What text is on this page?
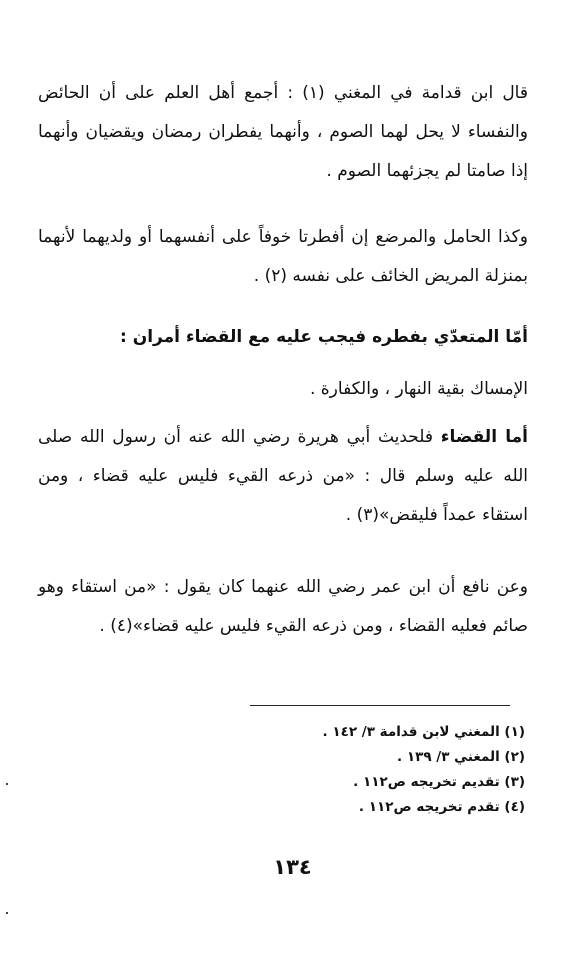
قال ابن قدامة في المغني (١) : أجمع أهل العلم على أن الحائض والنفساء لا يحل لهما الصوم ، وأنهما يفطران رمضان ويقضيان وأنهما إذا صامتا لم يجزئهما الصوم .
وكذا الحامل والمرضع إن أفطرتا خوفاً على أنفسهما أو ولديهما لأنهما بمنزلة المريض الخائف على نفسه (٢) .
أمّا المتعدّي بفطره فيجب عليه مع القضاء أمران :
الإمساك بقية النهار ، والكفارة .
أما القضاء فلحديث أبي هريرة رضي الله عنه أن رسول الله صلى الله عليه وسلم قال : «من ذرعه القيء فليس عليه قضاء ، ومن استقاء عمداً فليقض»(٣) .
وعن نافع أن ابن عمر رضي الله عنهما كان يقول : «من استقاء وهو صائم فعليه القضاء ، ومن ذرعه القيء فليس عليه قضاء»(٤) .
(١) المغني لابن قدامة ٣/ ١٤٢ .
(٢) المغني ٣/ ١٣٩ .
(٣) تقديم تخريجه ص١١٢ .
(٤) تقدم تخريجه ص١١٢ .
١٣٤
